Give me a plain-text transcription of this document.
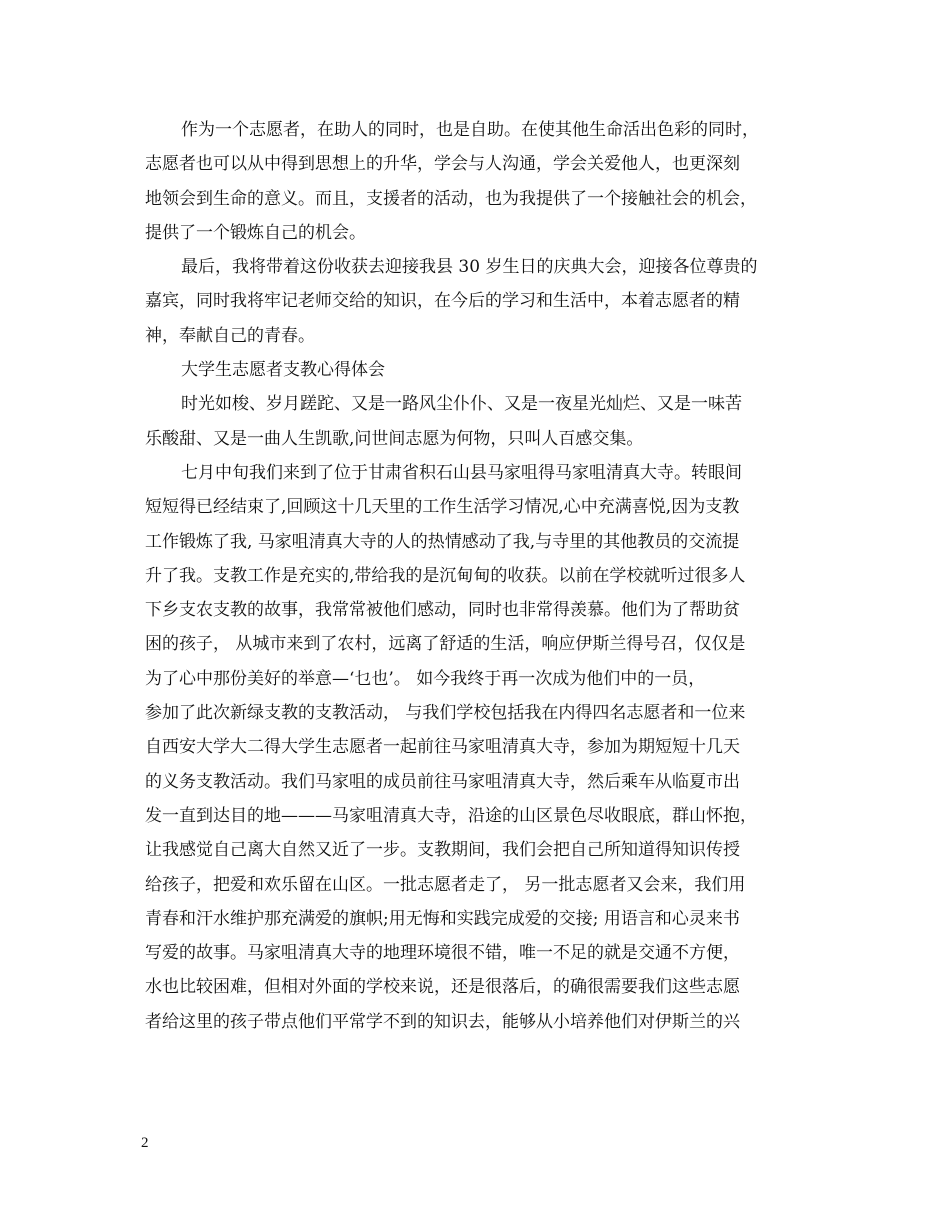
作为一个志愿者，在助人的同时，也是自助。在使其他生命活出色彩的同时，
志愿者也可以从中得到思想上的升华，学会与人沟通，学会关爱他人，也更深刻
地领会到生命的意义。而且，支援者的活动，也为我提供了一个接触社会的机会，
提供了一个锻炼自己的机会。
最后，我将带着这份收获去迎接我县 30 岁生日的庆典大会，迎接各位尊贵的
嘉宾，同时我将牢记老师交给的知识，在今后的学习和生活中，本着志愿者的精
神，奉献自己的青春。
大学生志愿者支教心得体会
时光如梭、岁月蹉跎、又是一路风尘仆仆、又是一夜星光灿烂、又是一味苦
乐酸甜、又是一曲人生凯歌,问世间志愿为何物，只叫人百感交集。
七月中旬我们来到了位于甘肃省积石山县马家咀得马家咀清真大寺。转眼间
短短得已经结束了,回顾这十几天里的工作生活学习情况,心中充满喜悦,因为支教
工作锻炼了我, 马家咀清真大寺的人的热情感动了我,与寺里的其他教员的交流提
升了我。支教工作是充实的,带给我的是沉甸甸的收获。以前在学校就听过很多人
下乡支农支教的故事，我常常被他们感动，同时也非常得羡慕。他们为了帮助贫
困的孩子， 从城市来到了农村，远离了舒适的生活，响应伊斯兰得号召，仅仅是
为了心中那份美好的举意—‘乜也’。 如今我终于再一次成为他们中的一员，
参加了此次新绿支教的支教活动， 与我们学校包括我在内得四名志愿者和一位来
自西安大学大二得大学生志愿者一起前往马家咀清真大寺，参加为期短短十几天
的义务支教活动。我们马家咀的成员前往马家咀清真大寺，然后乘车从临夏市出
发一直到达目的地———马家咀清真大寺，沿途的山区景色尽收眼底，群山怀抱，
让我感觉自己离大自然又近了一步。支教期间，我们会把自己所知道得知识传授
给孩子，把爱和欢乐留在山区。一批志愿者走了， 另一批志愿者又会来，我们用
青春和汗水维护那充满爱的旗帜;用无悔和实践完成爱的交接; 用语言和心灵来书
写爱的故事。马家咀清真大寺的地理环境很不错，唯一不足的就是交通不方便，
水也比较困难，但相对外面的学校来说，还是很落后，的确很需要我们这些志愿
者给这里的孩子带点他们平常学不到的知识去，能够从小培养他们对伊斯兰的兴
2
